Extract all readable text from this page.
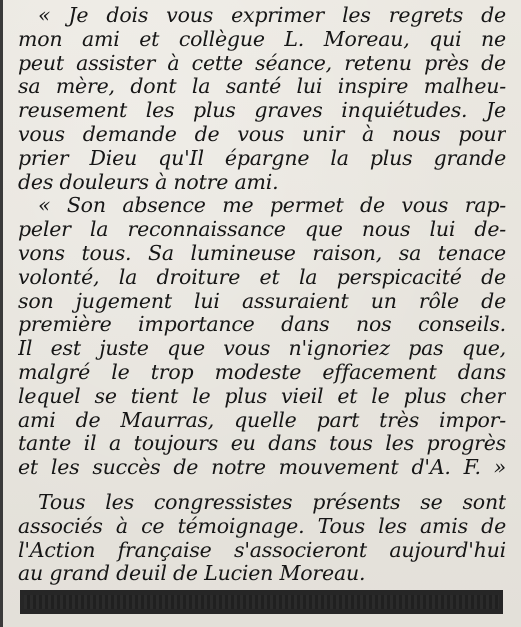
« Je dois vous exprimer les regrets de
mon ami et collègue L. Moreau, qui ne
peut assister à cette séance, retenu près de
sa mère, dont la santé lui inspire malheu-
reusement les plus graves inquiétudes. Je
vous demande de vous unir à nous pour
prier Dieu qu'Il épargne la plus grande
des douleurs à notre ami.
« Son absence me permet de vous rap-
peler la reconnaissance que nous lui de-
vons tous. Sa lumineuse raison, sa tenace
volonté, la droiture et la perspicacité de
son jugement lui assuraient un rôle de
première importance dans nos conseils.
Il est juste que vous n'ignoriez pas que,
malgré le trop modeste effacement dans
lequel se tient le plus vieil et le plus cher
ami de Maurras, quelle part très impor-
tante il a toujours eu dans tous les progrès
et les succès de notre mouvement d'A. F. »
Tous les congressistes présents se sont
associés à ce témoignage. Tous les amis de
l'Action française s'associeront aujourd'hui
au grand deuil de Lucien Moreau.
